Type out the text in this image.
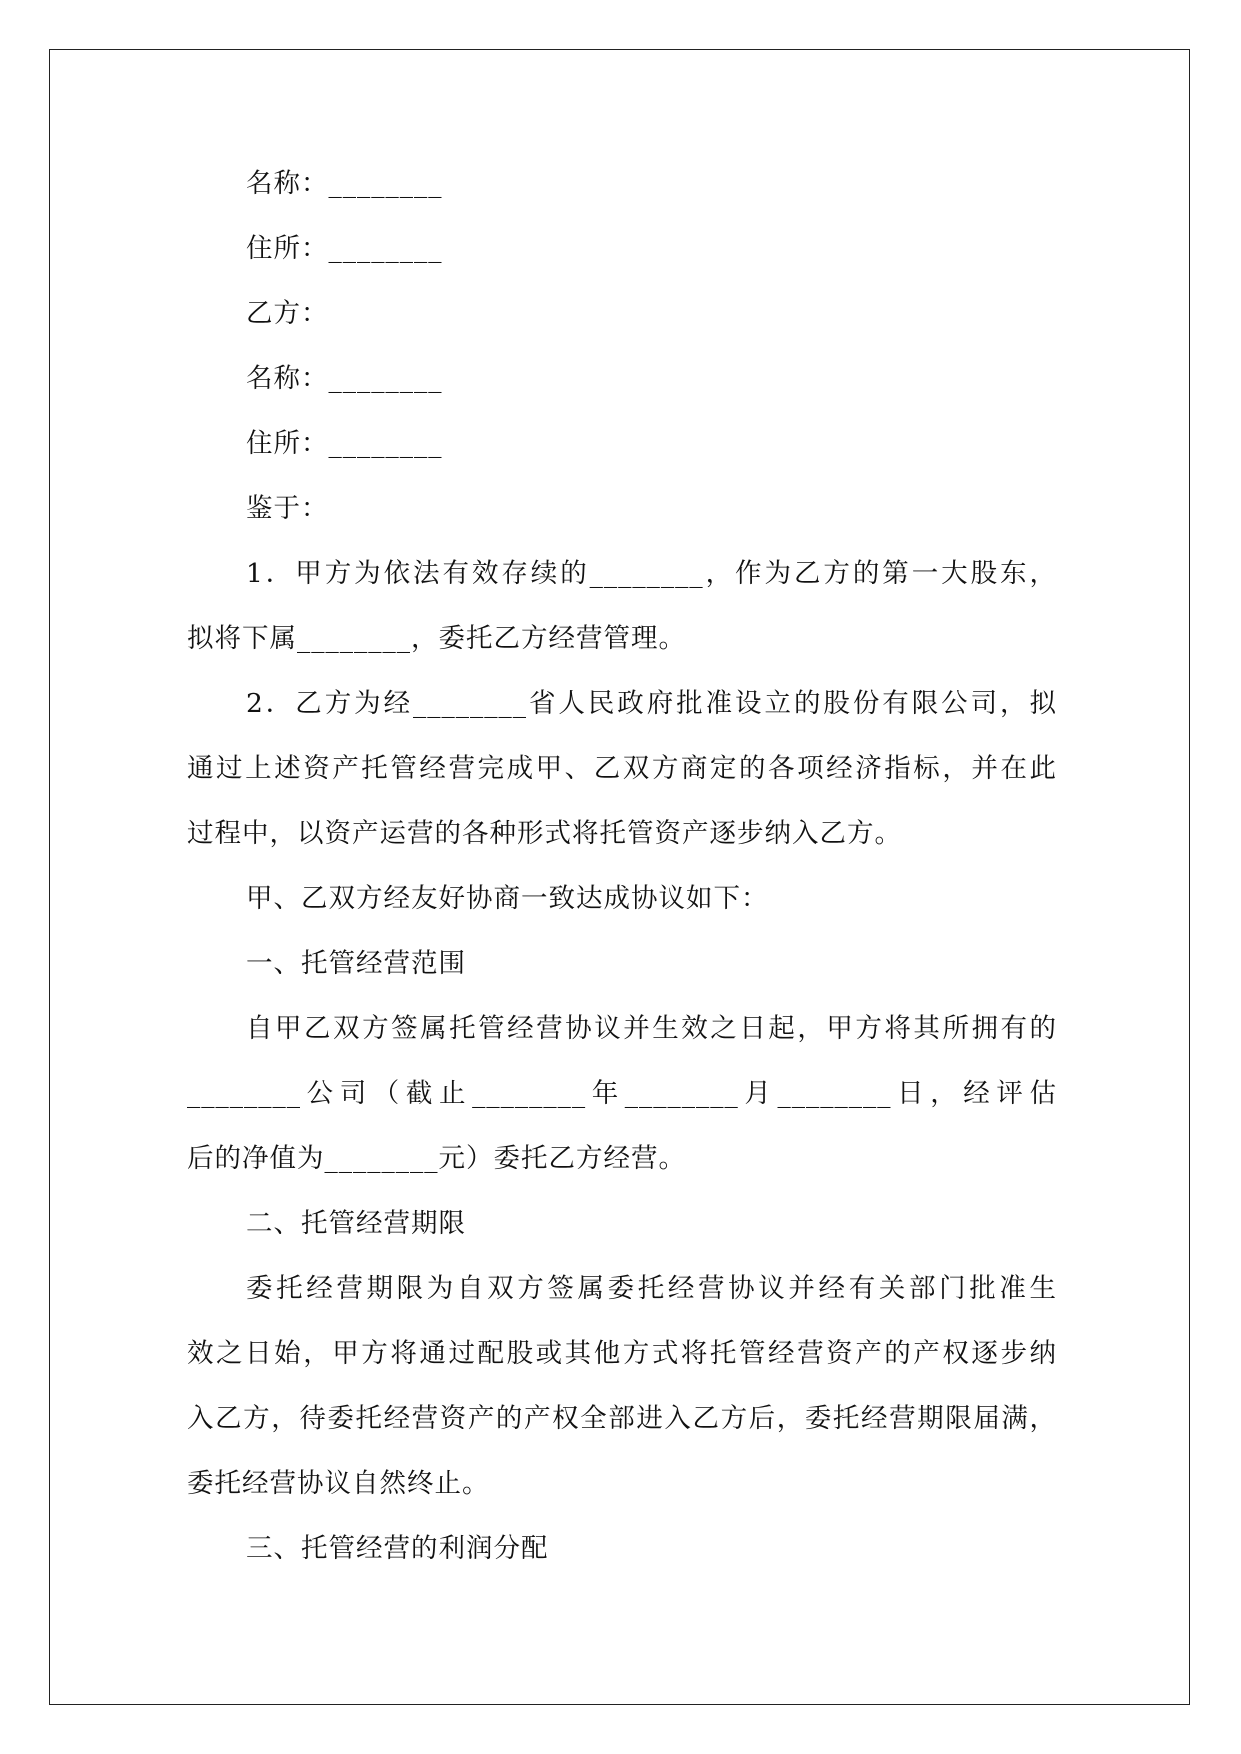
名称：________
住所：________
乙方：
名称：________
住所：________
鉴于：
1．甲方为依法有效存续的________，作为乙方的第一大股东，
拟将下属________，委托乙方经营管理。
2．乙方为经________省人民政府批准设立的股份有限公司，拟
通过上述资产托管经营完成甲、乙双方商定的各项经济指标，并在此
过程中，以资产运营的各种形式将托管资产逐步纳入乙方。
甲、乙双方经友好协商一致达成协议如下：
一、托管经营范围
自甲乙双方签属托管经营协议并生效之日起，甲方将其所拥有的
________公司（截止________年________月________日，经评估
后的净值为________元）委托乙方经营。
二、托管经营期限
委托经营期限为自双方签属委托经营协议并经有关部门批准生
效之日始，甲方将通过配股或其他方式将托管经营资产的产权逐步纳
入乙方，待委托经营资产的产权全部进入乙方后，委托经营期限届满，
委托经营协议自然终止。
三、托管经营的利润分配
